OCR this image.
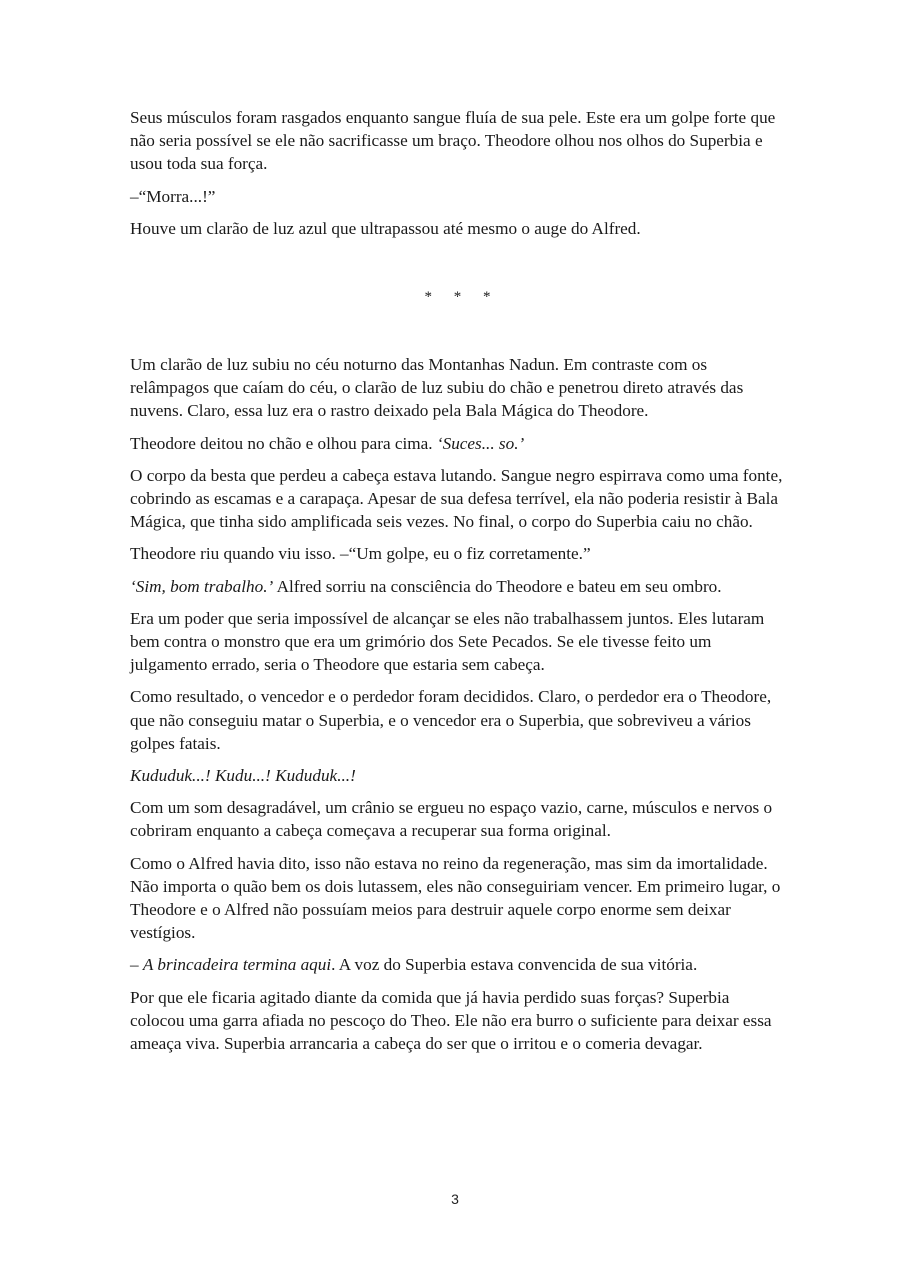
Seus músculos foram rasgados enquanto sangue fluía de sua pele. Este era um golpe forte que não seria possível se ele não sacrificasse um braço. Theodore olhou nos olhos do Superbia e usou toda sua força.

–“Morra...!”

Houve um clarão de luz azul que ultrapassou até mesmo o auge do Alfred.

* * *

Um clarão de luz subiu no céu noturno das Montanhas Nadun. Em contraste com os relâmpagos que caíam do céu, o clarão de luz subiu do chão e penetrou direto através das nuvens. Claro, essa luz era o rastro deixado pela Bala Mágica do Theodore.

Theodore deitou no chão e olhou para cima. ‘Suces... so.’

O corpo da besta que perdeu a cabeça estava lutando. Sangue negro espirrava como uma fonte, cobrindo as escamas e a carapaça. Apesar de sua defesa terrível, ela não poderia resistir à Bala Mágica, que tinha sido amplificada seis vezes. No final, o corpo do Superbia caiu no chão.

Theodore riu quando viu isso. –“Um golpe, eu o fiz corretamente.”

‘Sim, bom trabalho.’ Alfred sorriu na consciência do Theodore e bateu em seu ombro.

Era um poder que seria impossível de alcançar se eles não trabalhassem juntos. Eles lutaram bem contra o monstro que era um grimório dos Sete Pecados. Se ele tivesse feito um julgamento errado, seria o Theodore que estaria sem cabeça.

Como resultado, o vencedor e o perdedor foram decididos. Claro, o perdedor era o Theodore, que não conseguiu matar o Superbia, e o vencedor era o Superbia, que sobreviveu a vários golpes fatais.

Kududuk...! Kudu...! Kududuk...!

Com um som desagradável, um crânio se ergueu no espaço vazio, carne, músculos e nervos o cobriram enquanto a cabeça começava a recuperar sua forma original.

Como o Alfred havia dito, isso não estava no reino da regeneração, mas sim da imortalidade. Não importa o quão bem os dois lutassem, eles não conseguiriam vencer. Em primeiro lugar, o Theodore e o Alfred não possuíam meios para destruir aquele corpo enorme sem deixar vestígios.

– A brincadeira termina aqui. A voz do Superbia estava convencida de sua vitória.

Por que ele ficaria agitado diante da comida que já havia perdido suas forças? Superbia colocou uma garra afiada no pescoço do Theo. Ele não era burro o suficiente para deixar essa ameaça viva. Superbia arrancaria a cabeça do ser que o irritou e o comeria devagar.

3
